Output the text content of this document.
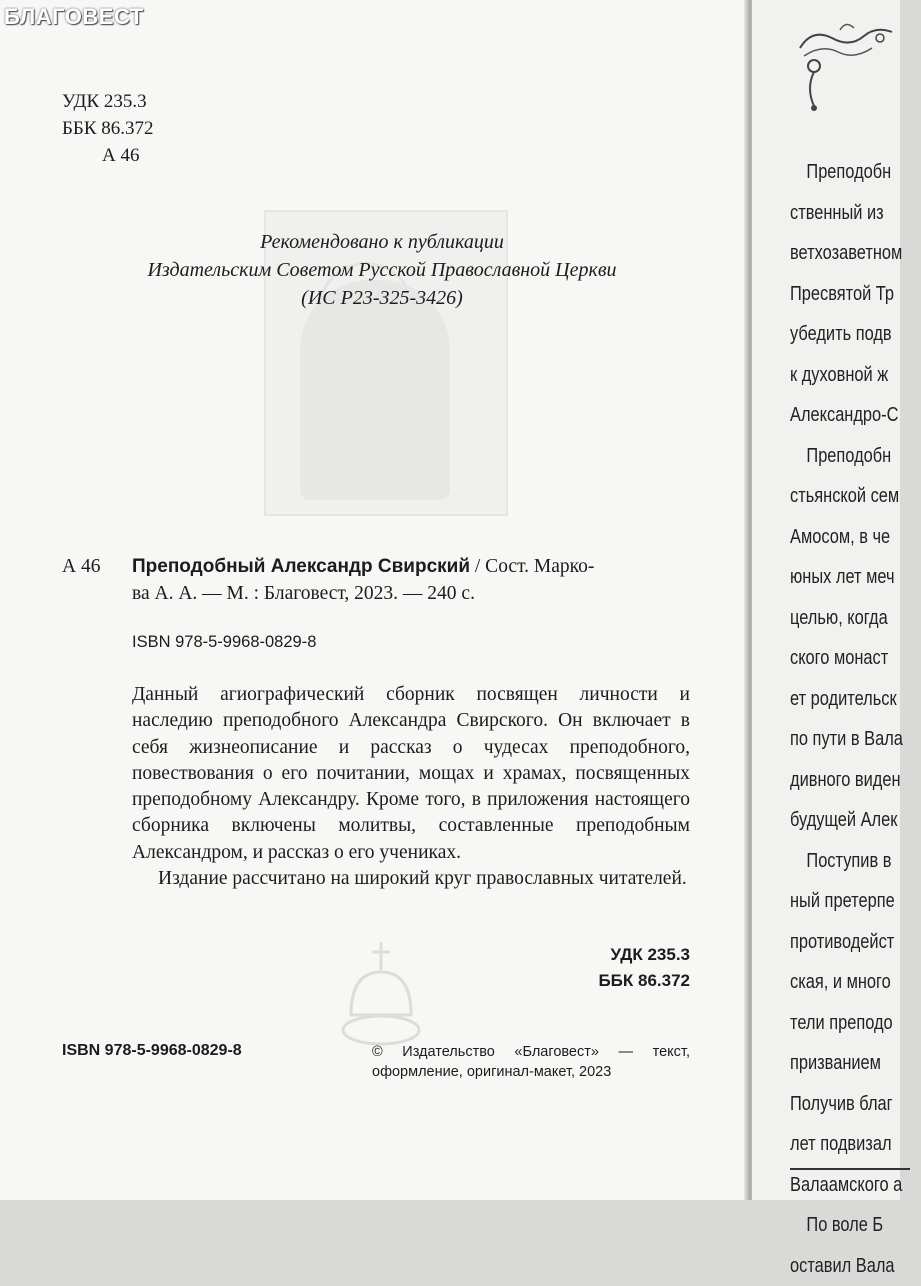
БЛАГОВЕСТ
УДК 235.3
ББК 86.372
А 46
Рекомендовано к публикации
Издательским Советом Русской Православной Церкви
(ИС Р23-325-3426)
А 46 Преподобный Александр Свирский / Сост. Марко-
ва А. А. — М. : Благовест, 2023. — 240 с.
ISBN 978-5-9968-0829-8

Данный агиографический сборник посвящен личности и наследию преподобного Александра Свирского. Он включает в себя жизнеописание и рассказ о чудесах преподобного, повествования о его почитании, мощах и храмах, посвященных преподобному Александру. Кроме того, в приложения настоящего сборника включены молитвы, составленные преподобным Александром, и рассказ о его учениках.

Издание рассчитано на широкий круг православных читателей.

УДК 235.3
ББК 86.372
ISBN 978-5-9968-0829-8	© Издательство «Благовест» — текст, оформление, оригинал-макет, 2023
Преподобн
ственный из
ветхозаветном
Пресвятой Тр
убедить подв
к духовной ж
Александро-С
Преподобн
стьянской сем
Амосом, в че
юных лет меч
целью, когда
ского монаст
ет родительск
по пути в Вала
дивного виден
будущей Алек
Поступив в
ный претерпе
противодейст
ская, и много
тели преподо
призванием
Получив благ
лет подвизал
Валаамского а
По воле Б
оставил Вала
